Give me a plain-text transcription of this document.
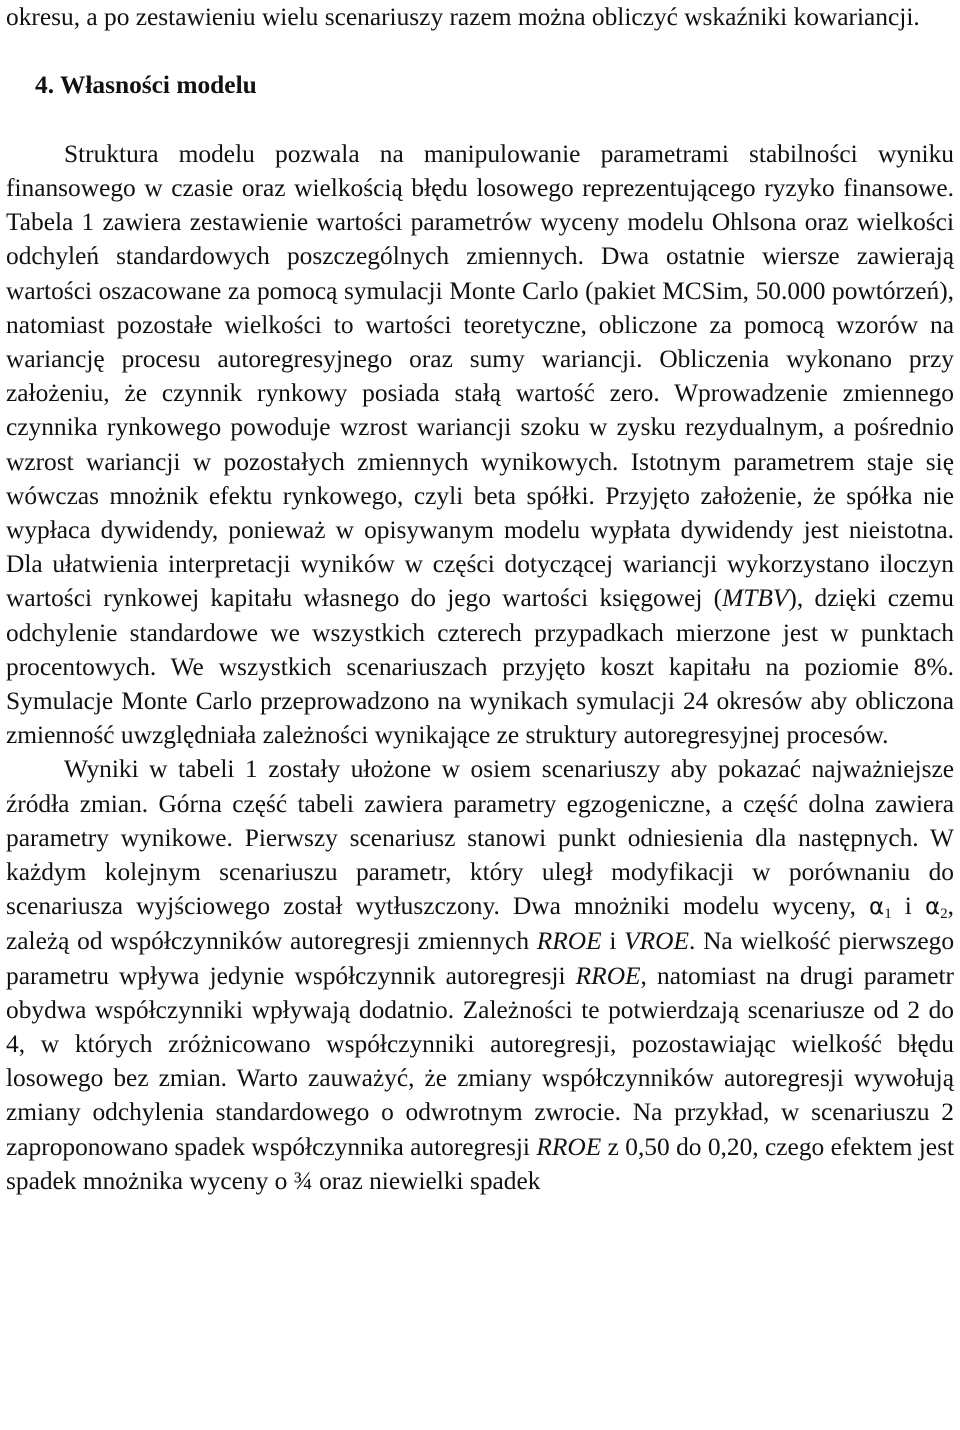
okresu, a po zestawieniu wielu scenariuszy razem można obliczyć wskaźniki kowariancji.

4. Własności modelu

Struktura modelu pozwala na manipulowanie parametrami stabilności wyniku finansowego w czasie oraz wielkością błędu losowego reprezentującego ryzyko finansowe. Tabela 1 zawiera zestawienie wartości parametrów wyceny modelu Ohlsona oraz wielkości odchyleń standardowych poszczególnych zmiennych. Dwa ostatnie wiersze zawierają wartości oszacowane za pomocą symulacji Monte Carlo (pakiet MCSim, 50.000 powtórzeń), natomiast pozostałe wielkości to wartości teoretyczne, obliczone za pomocą wzorów na wariancję procesu autoregresyjnego oraz sumy wariancji. Obliczenia wykonano przy założeniu, że czynnik rynkowy posiada stałą wartość zero. Wprowadzenie zmiennego czynnika rynkowego powoduje wzrost wariancji szoku w zysku rezydualnym, a pośrednio wzrost wariancji w pozostałych zmiennych wynikowych. Istotnym parametrem staje się wówczas mnożnik efektu rynkowego, czyli beta spółki. Przyjęto założenie, że spółka nie wypłaca dywidendy, ponieważ w opisywanym modelu wypłata dywidendy jest nieistotna. Dla ułatwienia interpretacji wyników w części dotyczącej wariancji wykorzystano iloczyn wartości rynkowej kapitału własnego do jego wartości księgowej (MTBV), dzięki czemu odchylenie standardowe we wszystkich czterech przypadkach mierzone jest w punktach procentowych. We wszystkich scenariuszach przyjęto koszt kapitału na poziomie 8%. Symulacje Monte Carlo przeprowadzono na wynikach symulacji 24 okresów aby obliczona zmienność uwzględniała zależności wynikające ze struktury autoregresyjnej procesów.

Wyniki w tabeli 1 zostały ułożone w osiem scenariuszy aby pokazać najważniejsze źródła zmian. Górna część tabeli zawiera parametry egzogeniczne, a część dolna zawiera parametry wynikowe. Pierwszy scenariusz stanowi punkt odniesienia dla następnych. W każdym kolejnym scenariuszu parametr, który uległ modyfikacji w porównaniu do scenariusza wyjściowego został wytłuszczony. Dwa mnożniki modelu wyceny, $\alpha_1$ i $\alpha_2$, zależą od współczynników autoregresji zmiennych RROE i VROE. Na wielkość pierwszego parametru wpływa jedynie współczynnik autoregresji RROE, natomiast na drugi parametr obydwa współczynniki wpływają dodatnio. Zależności te potwierdzają scenariusze od 2 do 4, w których zróżnicowano współczynniki autoregresji, pozostawiając wielkość błędu losowego bez zmian. Warto zauważyć, że zmiany współczynników autoregresji wywołują zmiany odchylenia standardowego o odwrotnym zwrocie. Na przykład, w scenariuszu 2 zaproponowano spadek współczynnika autoregresji RROE z 0,50 do 0,20, czego efektem jest spadek mnożnika wyceny o ¾ oraz niewielki spadek
